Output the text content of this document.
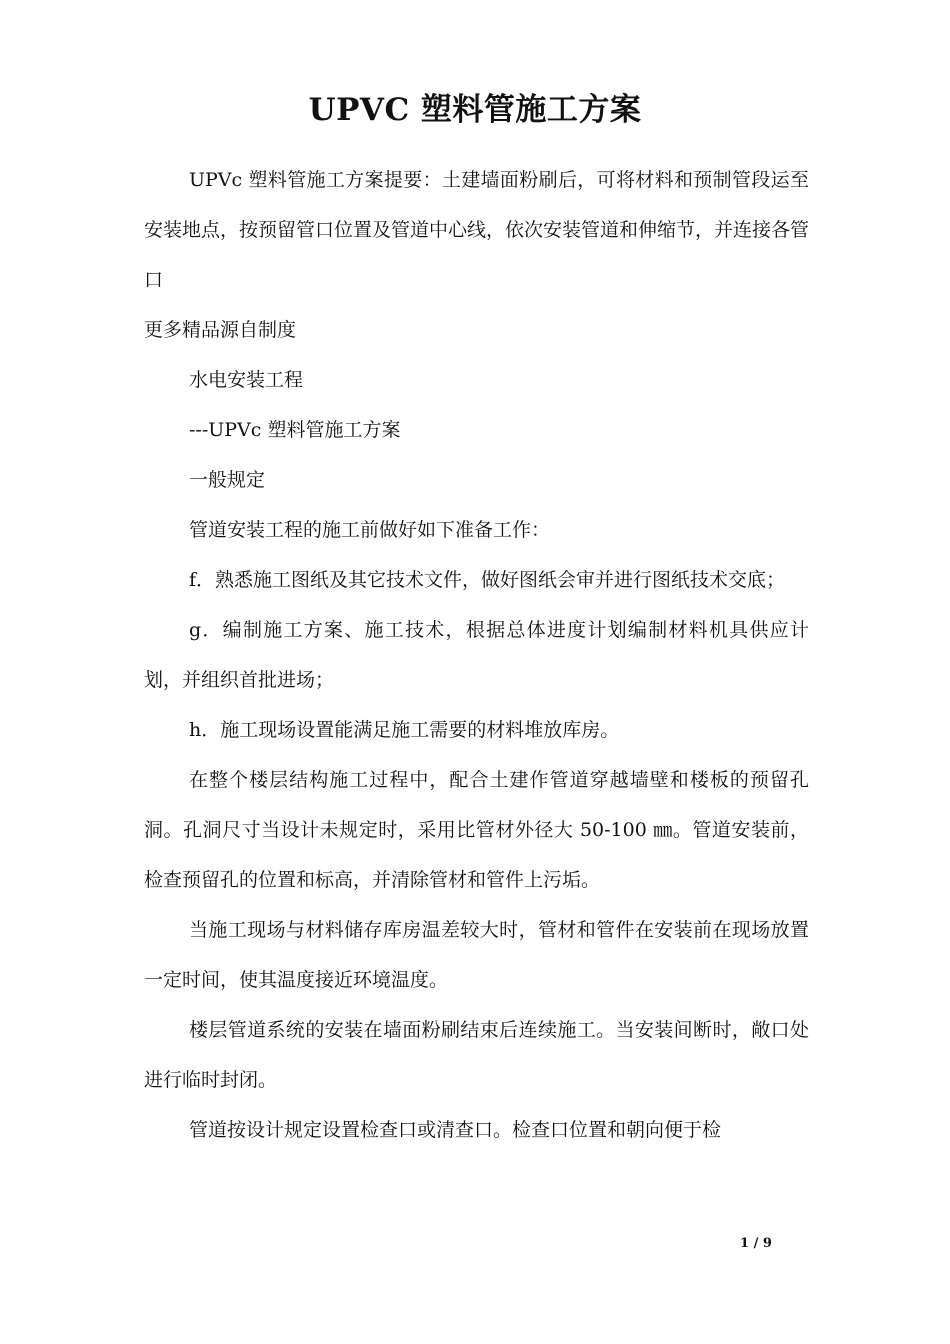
UPVC 塑料管施工方案

UPVc 塑料管施工方案提要：土建墙面粉刷后，可将材料和预制管段运至安装地点，按预留管口位置及管道中心线，依次安装管道和伸缩节，并连接各管口

更多精品源自制度

水电安装工程

---UPVc 塑料管施工方案

一般规定

管道安装工程的施工前做好如下准备工作：

f．熟悉施工图纸及其它技术文件，做好图纸会审并进行图纸技术交底；

g．编制施工方案、施工技术，根据总体进度计划编制材料机具供应计划，并组织首批进场；

h．施工现场设置能满足施工需要的材料堆放库房。

在整个楼层结构施工过程中，配合土建作管道穿越墙壁和楼板的预留孔洞。孔洞尺寸当设计未规定时，采用比管材外径大 50-100 ㎜。管道安装前，检查预留孔的位置和标高，并清除管材和管件上污垢。

当施工现场与材料储存库房温差较大时，管材和管件在安装前在现场放置一定时间，使其温度接近环境温度。

楼层管道系统的安装在墙面粉刷结束后连续施工。当安装间断时，敞口处进行临时封闭。

管道按设计规定设置检查口或清查口。检查口位置和朝向便于检

1 / 9
